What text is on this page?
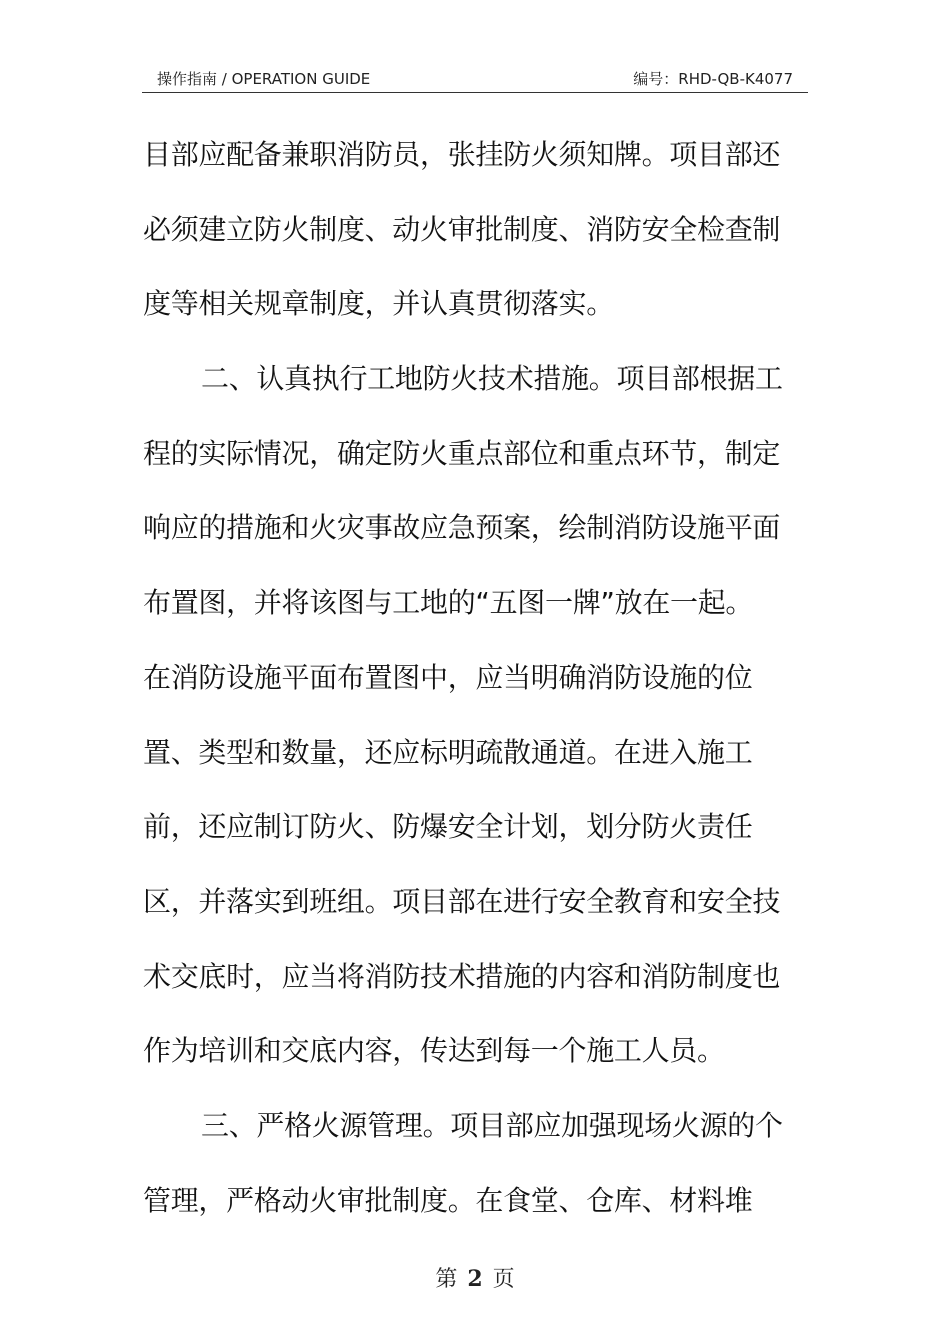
操作指南 / OPERATION GUIDE	编号：RHD-QB-K4077
目部应配备兼职消防员，张挂防火须知牌。项目部还
必须建立防火制度、动火审批制度、消防安全检查制
度等相关规章制度，并认真贯彻落实。
二、认真执行工地防火技术措施。项目部根据工
程的实际情况，确定防火重点部位和重点环节，制定
响应的措施和火灾事故应急预案，绘制消防设施平面
布置图，并将该图与工地的“五图一牌”放在一起。
在消防设施平面布置图中，应当明确消防设施的位
置、类型和数量，还应标明疏散通道。在进入施工
前，还应制订防火、防爆安全计划，划分防火责任
区，并落实到班组。项目部在进行安全教育和安全技
术交底时，应当将消防技术措施的内容和消防制度也
作为培训和交底内容，传达到每一个施工人员。
三、严格火源管理。项目部应加强现场火源的个
管理，严格动火审批制度。在食堂、仓库、材料堆
第 2 页
